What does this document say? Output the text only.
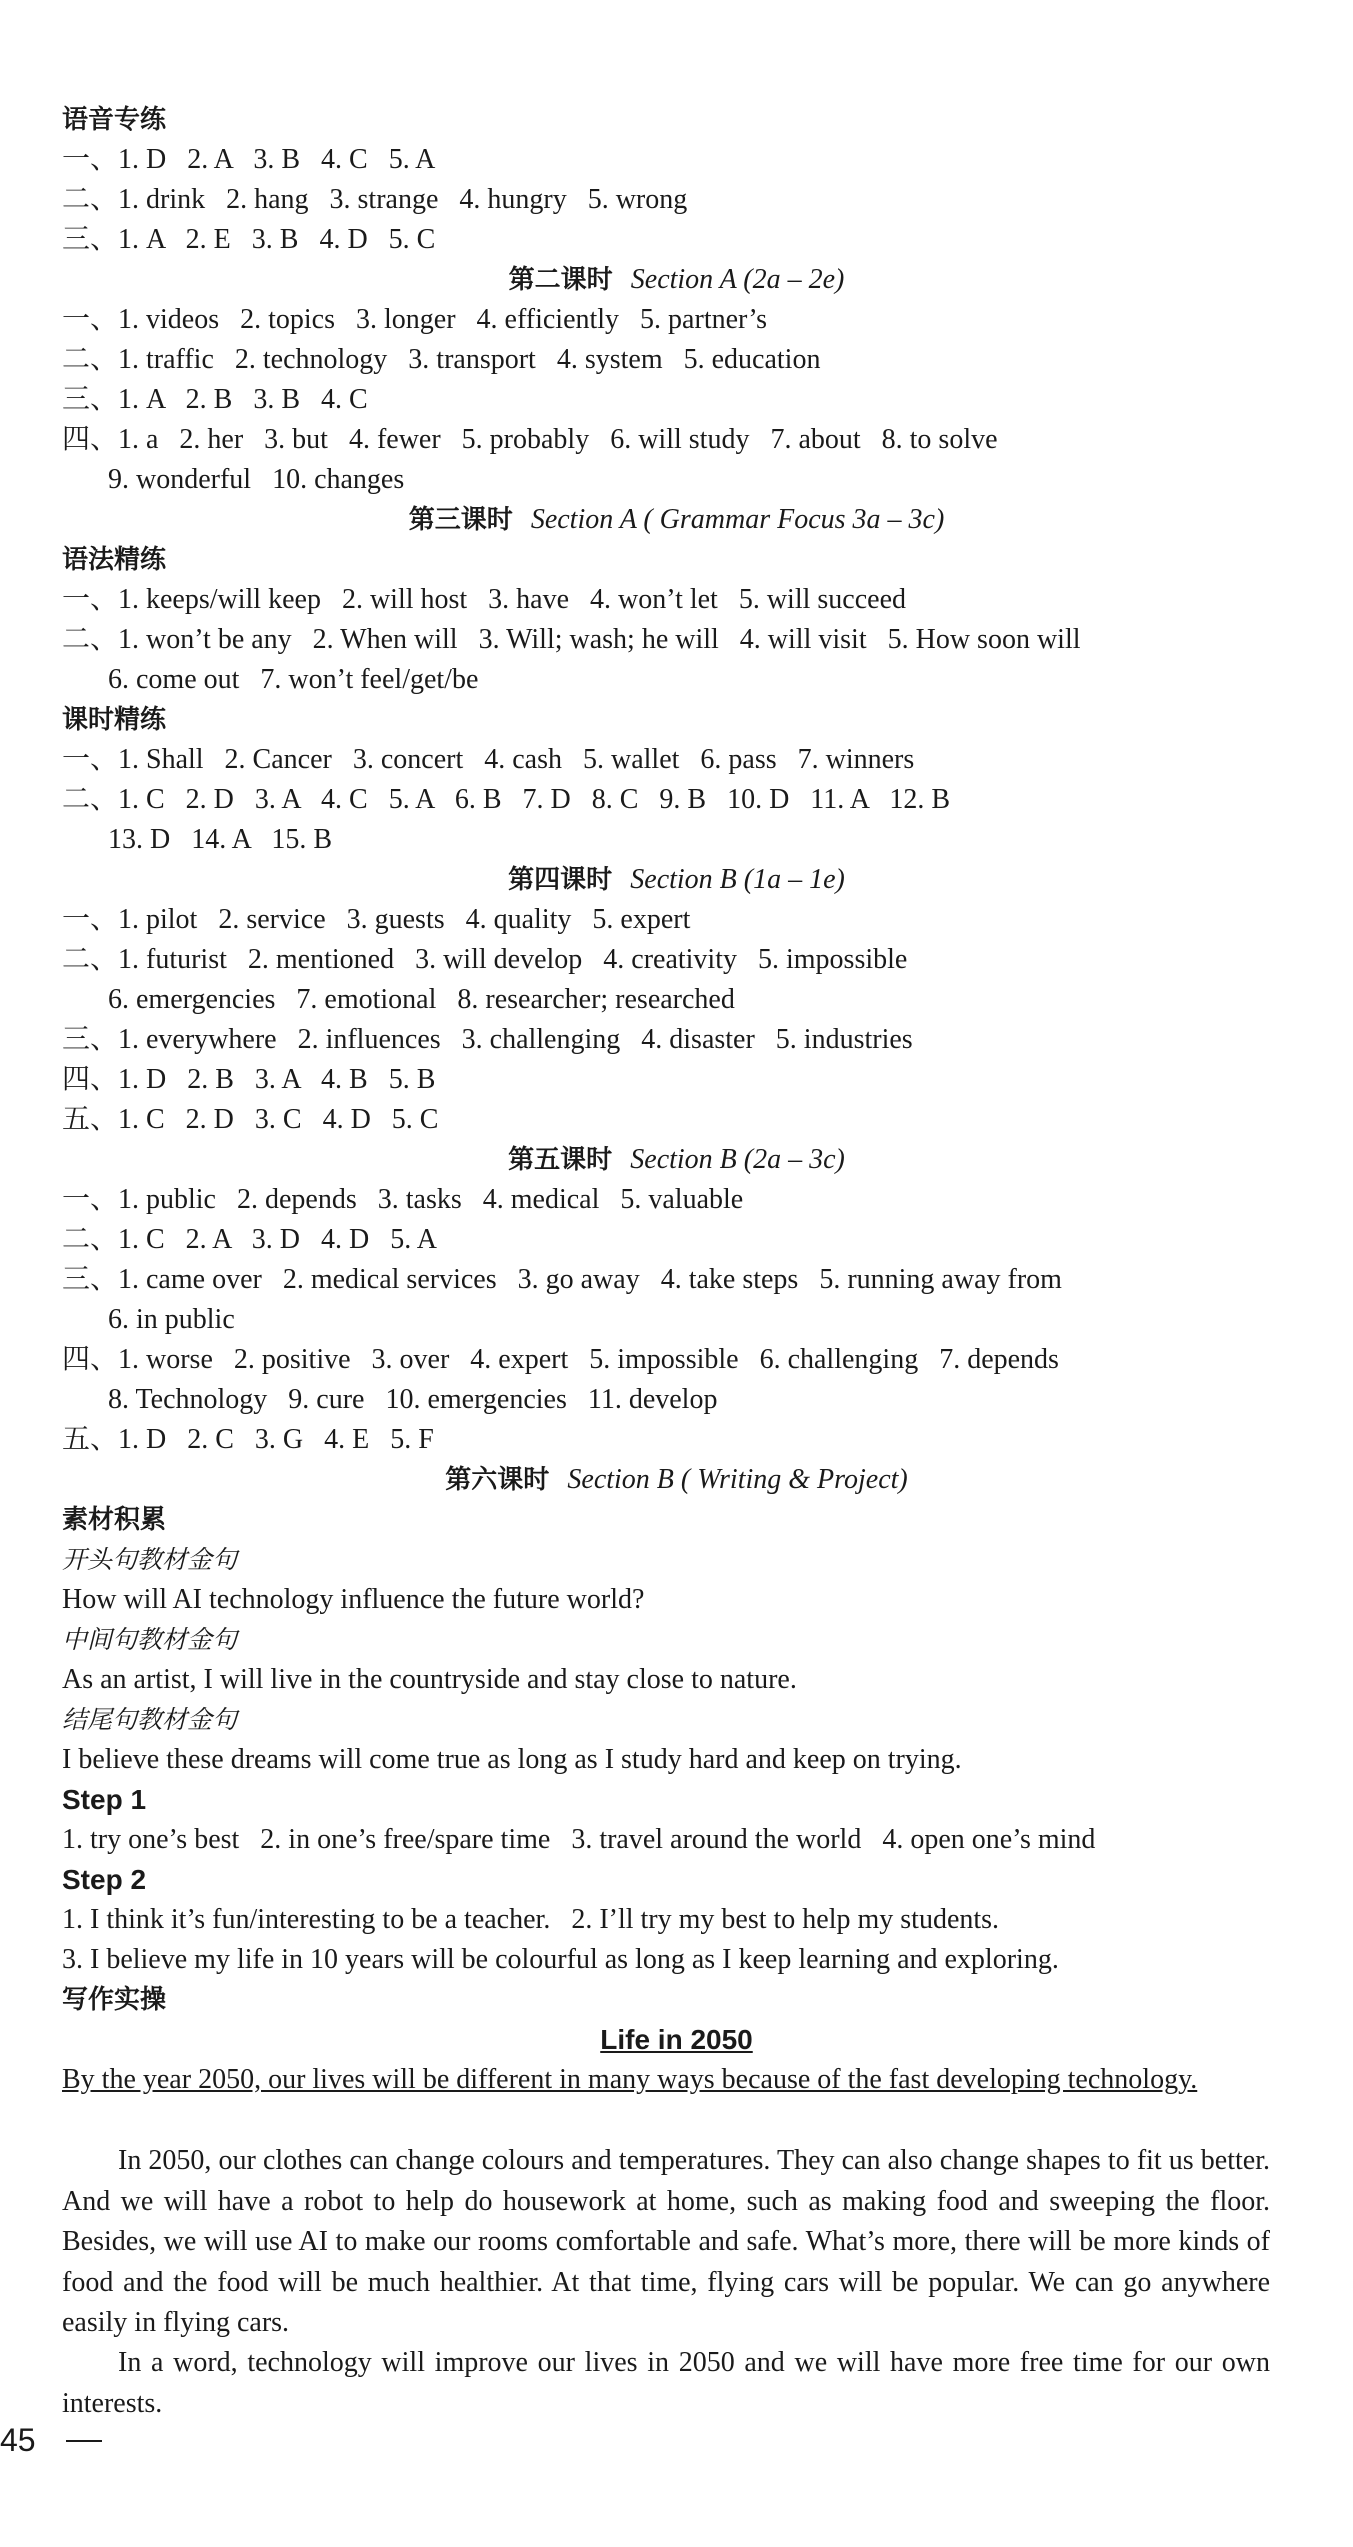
语音专练
一、1. D   2. A   3. B   4. C   5. A
二、1. drink   2. hang   3. strange   4. hungry   5. wrong
三、1. A   2. E   3. B   4. D   5. C
第二课时 Section A (2a – 2e)
一、1. videos   2. topics   3. longer   4. efficiently   5. partner’s
二、1. traffic   2. technology   3. transport   4. system   5. education
三、1. A   2. B   3. B   4. C
四、1. a   2. her   3. but   4. fewer   5. probably   6. will study   7. about   8. to solve
9. wonderful   10. changes
第三课时 Section A ( Grammar Focus 3a – 3c)
语法精练
一、1. keeps/will keep   2. will host   3. have   4. won’t let   5. will succeed
二、1. won’t be any   2. When will   3. Will; wash; he will   4. will visit   5. How soon will
6. come out   7. won’t feel/get/be
课时精练
一、1. Shall   2. Cancer   3. concert   4. cash   5. wallet   6. pass   7. winners
二、1. C   2. D   3. A   4. C   5. A   6. B   7. D   8. C   9. B   10. D   11. A   12. B
13. D   14. A   15. B
第四课时 Section B (1a – 1e)
一、1. pilot   2. service   3. guests   4. quality   5. expert
二、1. futurist   2. mentioned   3. will develop   4. creativity   5. impossible
6. emergencies   7. emotional   8. researcher; researched
三、1. everywhere   2. influences   3. challenging   4. disaster   5. industries
四、1. D   2. B   3. A   4. B   5. B
五、1. C   2. D   3. C   4. D   5. C
第五课时 Section B (2a – 3c)
一、1. public   2. depends   3. tasks   4. medical   5. valuable
二、1. C   2. A   3. D   4. D   5. A
三、1. came over   2. medical services   3. go away   4. take steps   5. running away from
6. in public
四、1. worse   2. positive   3. over   4. expert   5. impossible   6. challenging   7. depends
8. Technology   9. cure   10. emergencies   11. develop
五、1. D   2. C   3. G   4. E   5. F
第六课时 Section B ( Writing & Project)
素材积累
开头句教材金句
How will AI technology influence the future world?
中间句教材金句
As an artist, I will live in the countryside and stay close to nature.
结尾句教材金句
I believe these dreams will come true as long as I study hard and keep on trying.
Step 1
1. try one’s best   2. in one’s free/spare time   3. travel around the world   4. open one’s mind
Step 2
1. I think it’s fun/interesting to be a teacher.   2. I’ll try my best to help my students.
3. I believe my life in 10 years will be colourful as long as I keep learning and exploring.
写作实操
Life in 2050
By the year 2050, our lives will be different in many ways because of the fast developing technology.
In 2050, our clothes can change colours and temperatures. They can also change shapes to fit us better. And we will have a robot to help do housework at home, such as making food and sweeping the floor. Besides, we will use AI to make our rooms comfortable and safe. What’s more, there will be more kinds of food and the food will be much healthier. At that time, flying cars will be popular. We can go anywhere easily in flying cars.
In a word, technology will improve our lives in 2050 and we will have more free time for our own interests.
45
